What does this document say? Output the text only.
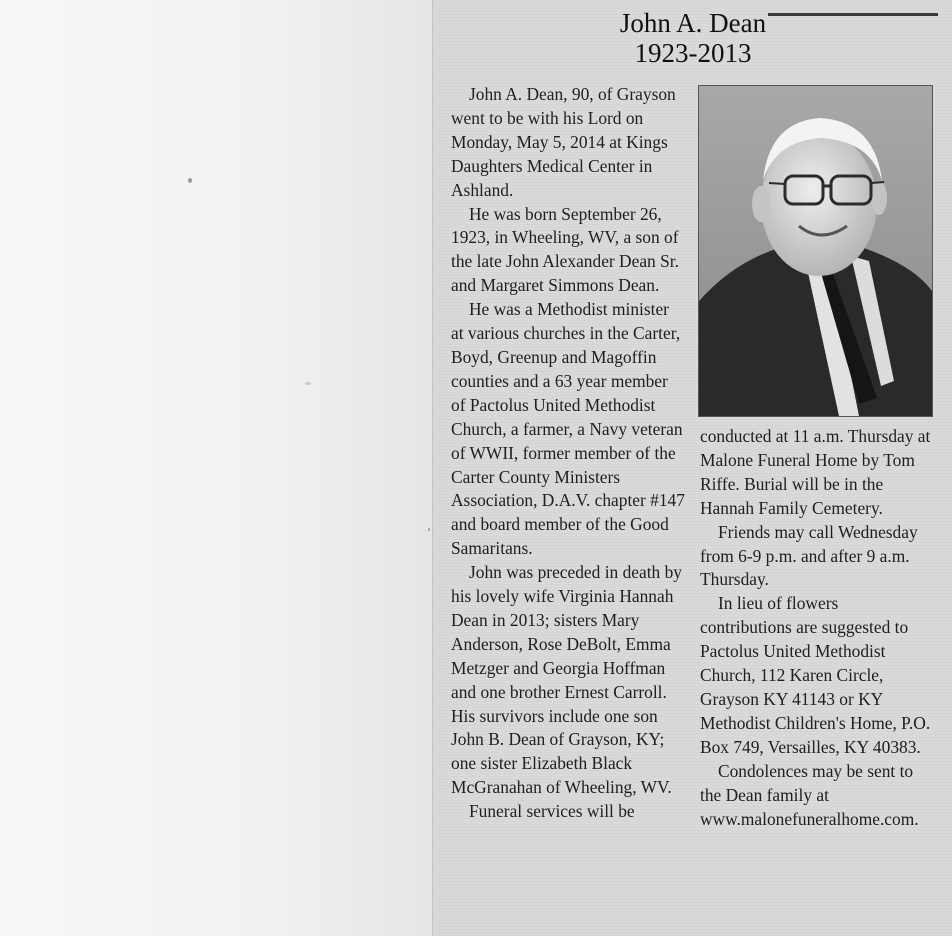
John A. Dean
1923-2013

John A. Dean, 90, of Grayson went to be with his Lord on Monday, May 5, 2014 at Kings Daughters Medical Center in Ashland.

He was born September 26, 1923, in Wheeling, WV, a son of the late John Alexander Dean Sr. and Margaret Simmons Dean.

He was a Methodist minister at various churches in the Carter, Boyd, Greenup and Magoffin counties and a 63 year member of Pactolus United Methodist Church, a farmer, a Navy veteran of WWII, former member of the Carter County Ministers Association, D.A.V. chapter #147 and board member of the Good Samaritans.

John was preceded in death by his lovely wife Virginia Hannah Dean in 2013; sisters Mary Anderson, Rose DeBolt, Emma Metzger and Georgia Hoffman and one brother Ernest Carroll. His survivors include one son John B. Dean of Grayson, KY; one sister Elizabeth Black McGranahan of Wheeling, WV.

Funeral services will be

conducted at 11 a.m. Thursday at Malone Funeral Home by Tom Riffe. Burial will be in the Hannah Family Cemetery.

Friends may call Wednesday from 6-9 p.m. and after 9 a.m. Thursday.

In lieu of flowers contributions are suggested to Pactolus United Methodist Church, 112 Karen Circle, Grayson KY 41143 or KY Methodist Children's Home, P.O. Box 749, Versailles, KY 40383.

Condolences may be sent to the Dean family at www.malonefuneralhome.com.
